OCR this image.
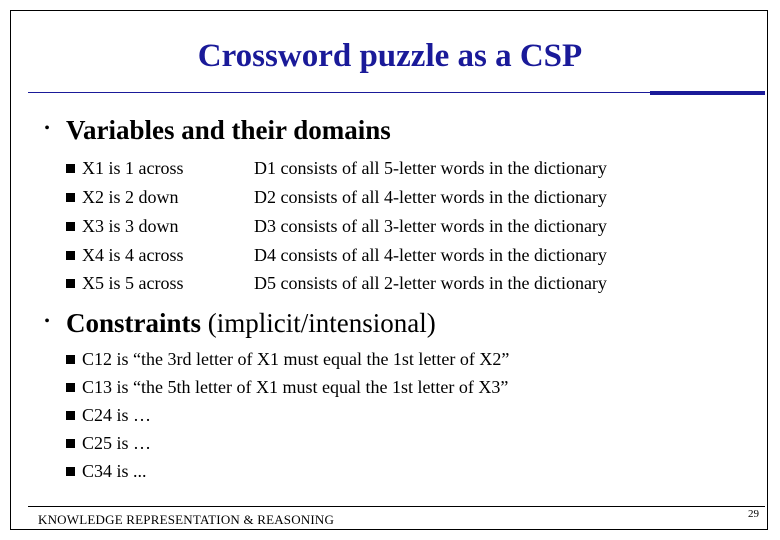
Crossword puzzle as a CSP
• Variables and their domains
X1 is 1 across
X2 is 2 down
X3 is 3 down
X4 is 4 across
X5 is 5 across
D1 consists of all 5-letter words in the dictionary
D2 consists of all 4-letter words in the dictionary
D3 consists of all 3-letter words in the dictionary
D4 consists of all 4-letter words in the dictionary
D5 consists of all 2-letter words in the dictionary
• Constraints (implicit/intensional)
C12 is “the 3rd letter of X1 must equal the 1st letter of X2”
C13 is “the 5th letter of X1 must equal the 1st letter of X3”
C24 is …
C25 is …
C34 is ...
KNOWLEDGE REPRESENTATION & REASONING	29
